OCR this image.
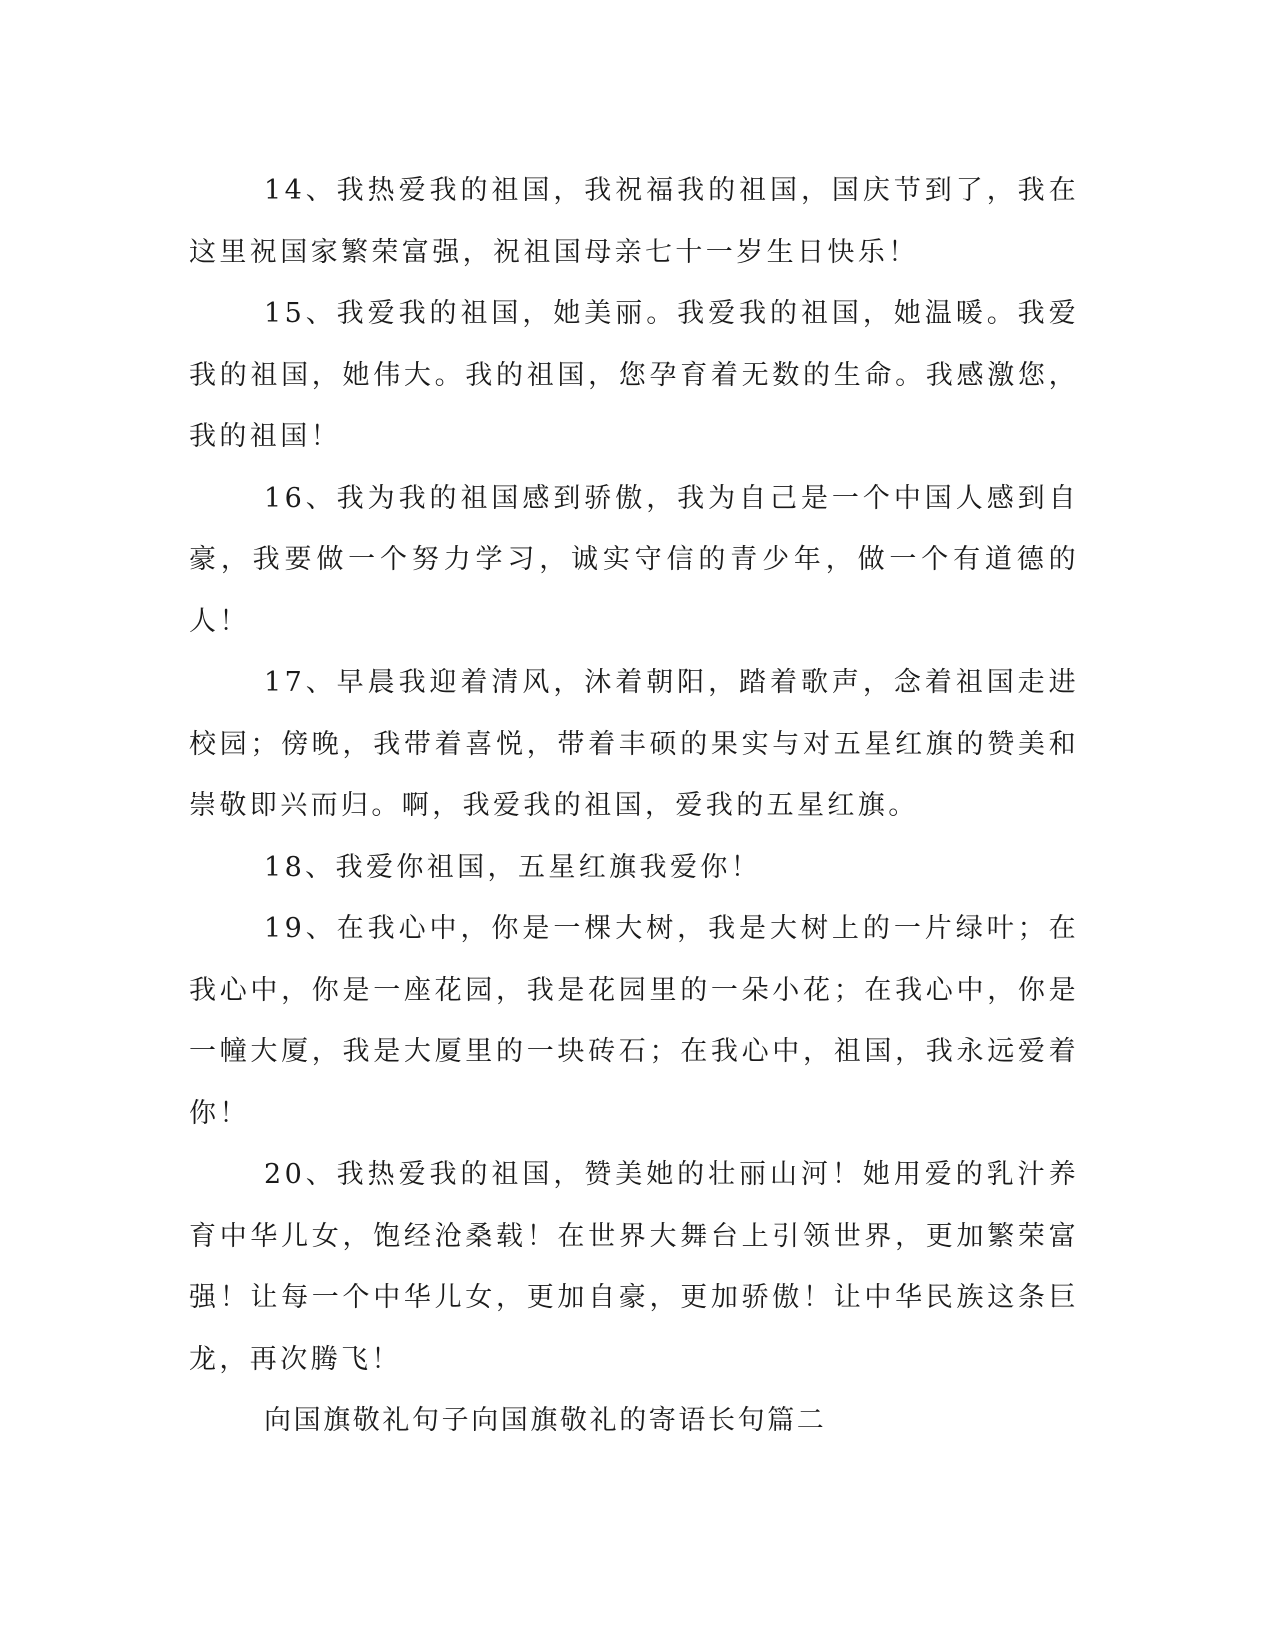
14、我热爱我的祖国，我祝福我的祖国，国庆节到了，我在这里祝国家繁荣富强，祝祖国母亲七十一岁生日快乐！

15、我爱我的祖国，她美丽。我爱我的祖国，她温暖。我爱我的祖国，她伟大。我的祖国，您孕育着无数的生命。我感激您，我的祖国！

16、我为我的祖国感到骄傲，我为自己是一个中国人感到自豪，我要做一个努力学习，诚实守信的青少年，做一个有道德的人！

17、早晨我迎着清风，沐着朝阳，踏着歌声，念着祖国走进校园；傍晚，我带着喜悦，带着丰硕的果实与对五星红旗的赞美和崇敬即兴而归。啊，我爱我的祖国，爱我的五星红旗。

18、我爱你祖国，五星红旗我爱你！

19、在我心中，你是一棵大树，我是大树上的一片绿叶；在我心中，你是一座花园，我是花园里的一朵小花；在我心中，你是一幢大厦，我是大厦里的一块砖石；在我心中，祖国，我永远爱着你！

20、我热爱我的祖国，赞美她的壮丽山河！她用爱的乳汁养育中华儿女，饱经沧桑载！在世界大舞台上引领世界，更加繁荣富强！让每一个中华儿女，更加自豪，更加骄傲！让中华民族这条巨龙，再次腾飞！

向国旗敬礼句子向国旗敬礼的寄语长句篇二
